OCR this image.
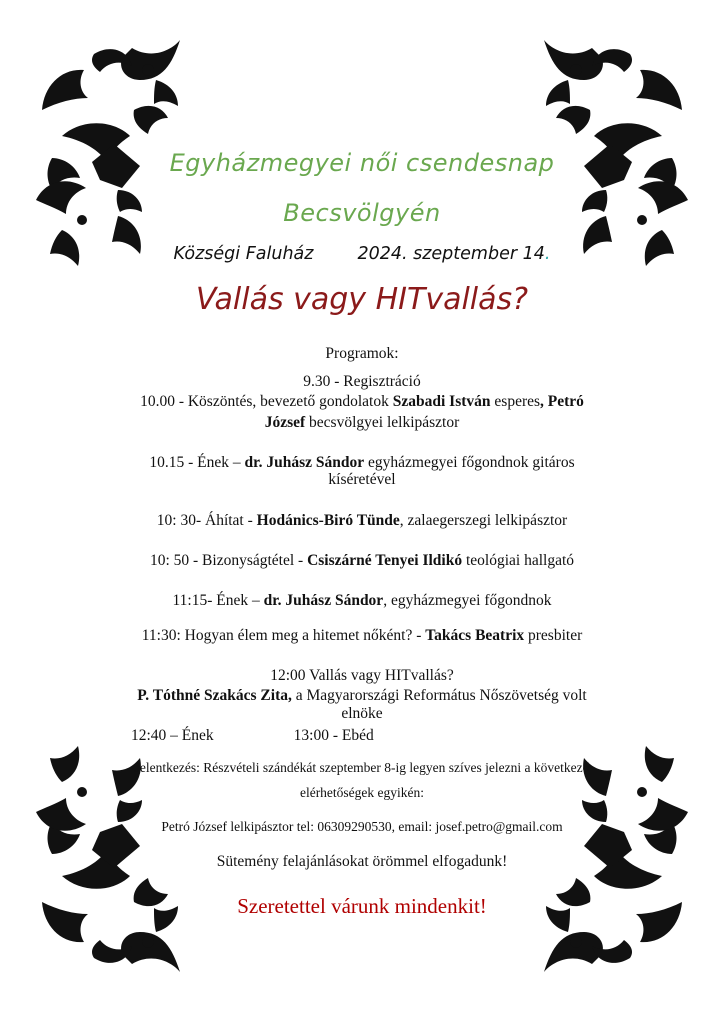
Egyházmegyei női csendesnap
Becsvölgyén
Községi Faluház	2024. szeptember 14.
Vallás vagy HITvallás?
Programok:
9.30 - Regisztráció
10.00 - Köszöntés, bevezető gondolatok Szabadi István esperes, Petró
József becsvölgyei lelkipásztor
10.15 - Ének – dr. Juhász Sándor egyházmegyei főgondnok gitáros
kíséretével
10: 30- Áhítat - Hodánics-Biró Tünde, zalaegerszegi lelkipásztor
10: 50 - Bizonyságtétel - Csiszárné Tenyei Ildikó teológiai hallgató
11:15- Ének – dr. Juhász Sándor, egyházmegyei főgondnok
11:30: Hogyan élem meg a hitemet nőként? - Takács Beatrix presbiter
12:00 Vallás vagy HITvallás?
P. Tóthné Szakács Zita, a Magyarországi Református Nőszövetség volt
elnöke
12:40 – Ének	13:00 - Ebéd
Jelentkezés: Részvételi szándékát szeptember 8-ig legyen szíves jelezni a következő
elérhetőségek egyikén:
Petró József lelkipásztor tel: 06309290530, email: josef.petro@gmail.com
Sütemény felajánlásokat örömmel elfogadunk!
Szeretettel várunk mindenkit!
